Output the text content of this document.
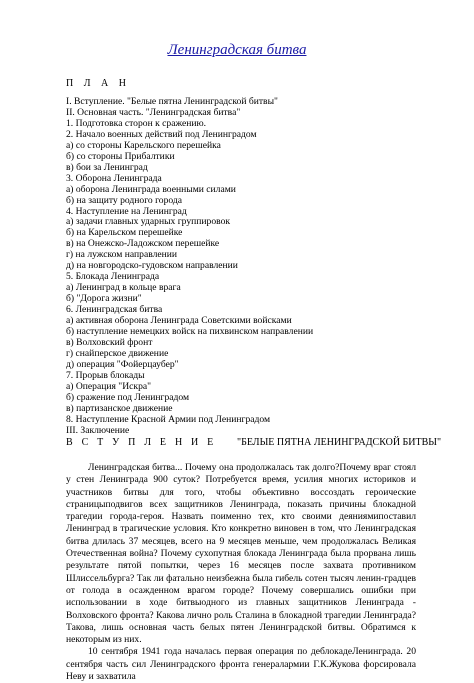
Ленинградская битва
П Л А Н
I. Вступление. "Белые пятна Ленинградской битвы"
II. Основная часть. "Ленинградская битва"
1. Подготовка сторон к сражению.
2. Начало военных действий под Ленинградом
а) со стороны Карельского перешейка
б) со стороны Прибалтики
в) бои за Ленинград
3. Оборона Ленинграда
а) оборона Ленинграда военными силами
б) на защиту родного города
4. Наступление на Ленинград
а) задачи главных ударных группировок
б) на Карельском перешейке
в) на Онежско-Ладожском перешейке
г) на лужском направлении
д) на новгородско-гудовском направлении
5. Блокада Ленинграда
а) Ленинград в кольце врага
б) "Дорога жизни"
6. Ленинградская битва
а) активная оборона Ленинграда Советскими войсками
б) наступление немецких войск на пихвинском направлении
в) Волховский фронт
г) снайперское движение
д) операция "Фойерцаубер"
7. Прорыв блокады
а) Операция "Искра"
б) сражение под Ленинградом
в) партизанское движение
8. Наступление Красной Армии под Ленинградом
III. Заключение
В С Т У П Л Е Н И Е "БЕЛЫЕ ПЯТНА ЛЕНИНГРАДСКОЙ БИТВЫ"

Ленинградская битва... Почему она продолжалась так долго?Почему враг стоял у стен Ленинграда 900 суток? Потребуется время, усилия многих историков и участников битвы для того, чтобы объективно воссоздать героические страницыподвигов всех защитников Ленинграда, показать причины блокадной трагедии города-героя. Назвать поименно тех, кто своими деяниямипоставил Ленинград в трагические условия. Кто конкретно виновен в том, что Ленинградская битва длилась 37 месяцев, всего на 9 месяцев меньше, чем продолжалась Великая Отечественная война? Почему сухопутная блокада Ленинграда была прорвана лишь результате пятой попытки, через 16 месяцев после захвата противником Шлиссельбурга? Так ли фатально неизбежна была гибель сотен тысяч ленин-градцев от голода в осажденном врагом городе? Почему совершались ошибки при использовании в ходе битвыодного из главных защитников Ленинграда - Волховского фронта? Какова лично роль Сталина в блокадной трагедии Ленинграда? Такова, лишь основная часть белых пятен Ленинградской битвы. Обратимся к некоторым из них.

10 сентября 1941 года началась первая операция по деблокадеЛенинграда. 20 сентября часть сил Ленинградского фронта генералармии Г.К.Жукова форсировала Неву и захватила
